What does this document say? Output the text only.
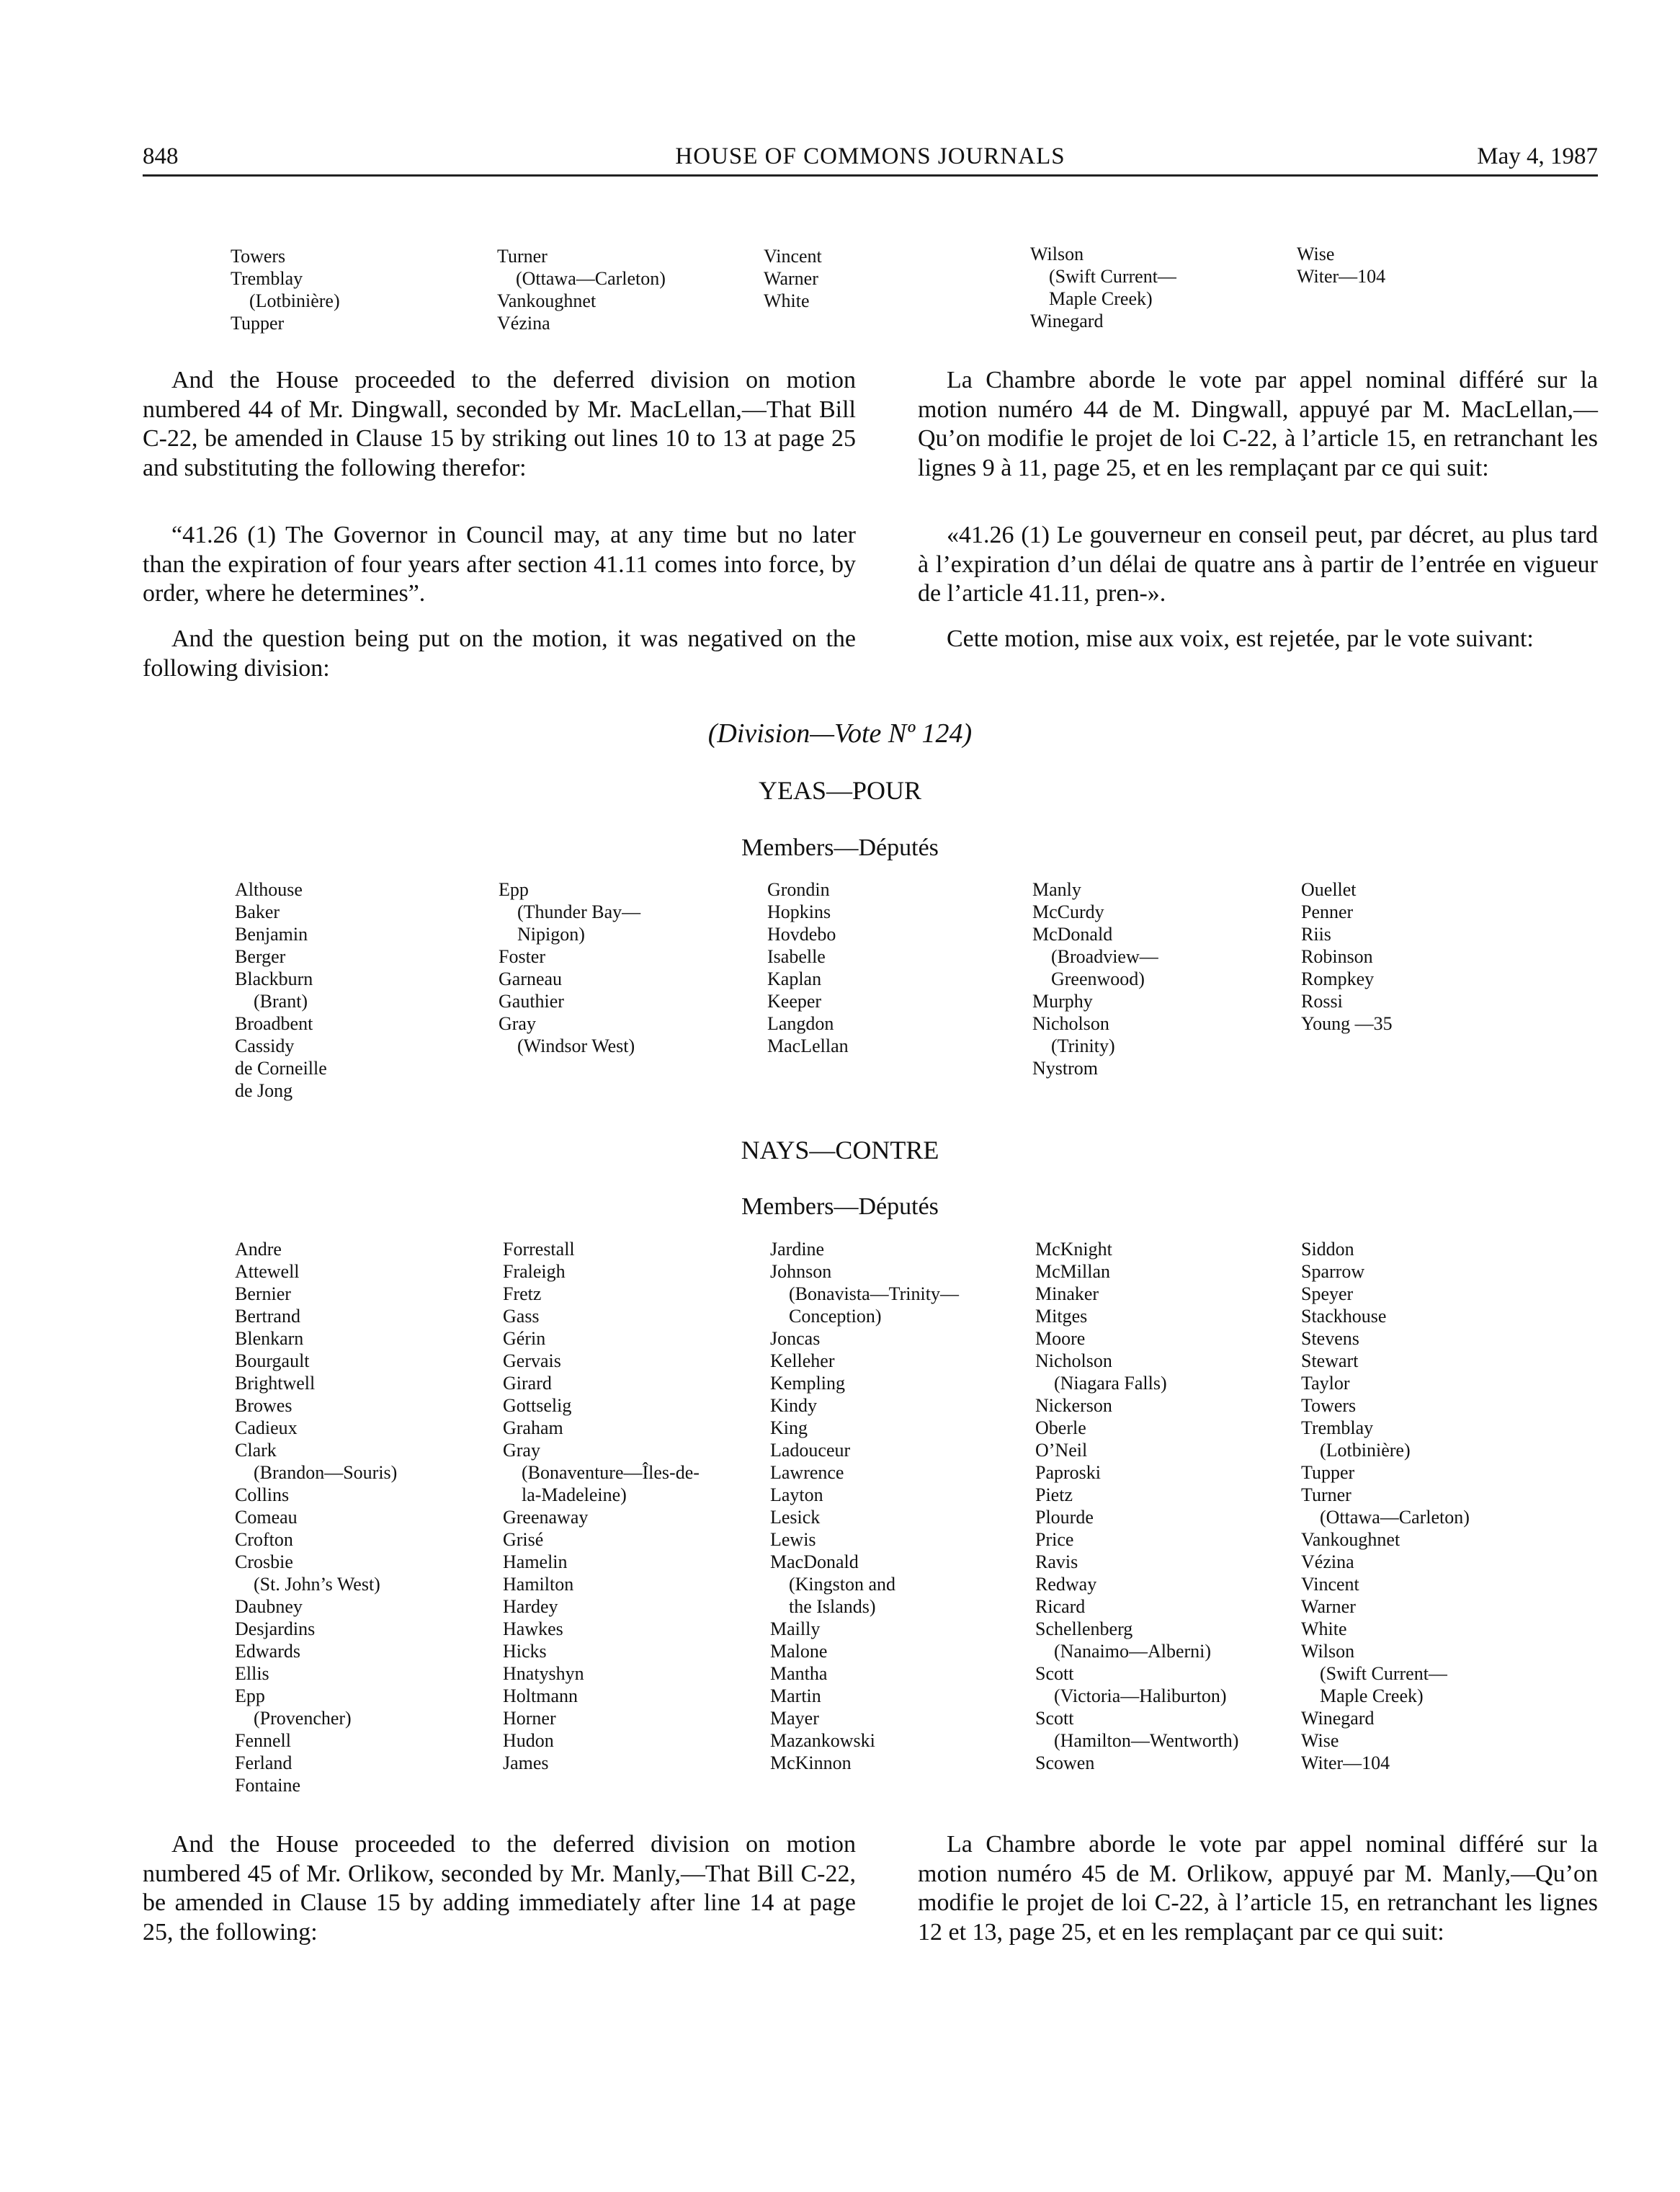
848	HOUSE OF COMMONS JOURNALS	May 4, 1987
Towers
Tremblay
(Lotbinière)
Tupper
Turner
(Ottawa—Carleton)
Vankoughnet
Vézina
Vincent
Warner
White
Wilson
(Swift Current—
Maple Creek)
Winegard
Wise
Witer—104

And the House proceeded to the deferred division on motion numbered 44 of Mr. Dingwall, seconded by Mr. MacLellan,—That Bill C-22, be amended in Clause 15 by striking out lines 10 to 13 at page 25 and substituting the following therefor:

“41.26 (1) The Governor in Council may, at any time but no later than the expiration of four years after section 41.11 comes into force, by order, where he determines”.

And the question being put on the motion, it was negatived on the following division:

La Chambre aborde le vote par appel nominal différé sur la motion numéro 44 de M. Dingwall, appuyé par M. MacLellan,—Qu’on modifie le projet de loi C-22, à l’article 15, en retranchant les lignes 9 à 11, page 25, et en les remplaçant par ce qui suit:

«41.26 (1) Le gouverneur en conseil peut, par décret, au plus tard à l’expiration d’un délai de quatre ans à partir de l’entrée en vigueur de l’article 41.11, pren-».

Cette motion, mise aux voix, est rejetée, par le vote suivant:

(Division—Vote Nº 124)
YEAS—POUR
Members—Députés
Althouse
Baker
Benjamin
Berger
Blackburn
(Brant)
Broadbent
Cassidy
de Corneille
de Jong
Epp
(Thunder Bay—
Nipigon)
Foster
Garneau
Gauthier
Gray
(Windsor West)
Grondin
Hopkins
Hovdebo
Isabelle
Kaplan
Keeper
Langdon
MacLellan
Manly
McCurdy
McDonald
(Broadview—
Greenwood)
Murphy
Nicholson
(Trinity)
Nystrom
Ouellet
Penner
Riis
Robinson
Rompkey
Rossi
Young —35
NAYS—CONTRE
Members—Députés
Andre
Attewell
Bernier
Bertrand
Blenkarn
Bourgault
Brightwell
Browes
Cadieux
Clark
(Brandon—Souris)
Collins
Comeau
Crofton
Crosbie
(St. John’s West)
Daubney
Desjardins
Edwards
Ellis
Epp
(Provencher)
Fennell
Ferland
Fontaine
Forrestall
Fraleigh
Fretz
Gass
Gérin
Gervais
Girard
Gottselig
Graham
Gray
(Bonaventure—Îles-de-
la-Madeleine)
Greenaway
Grisé
Hamelin
Hamilton
Hardey
Hawkes
Hicks
Hnatyshyn
Holtmann
Horner
Hudon
James
Jardine
Johnson
(Bonavista—Trinity—
Conception)
Joncas
Kelleher
Kempling
Kindy
King
Ladouceur
Lawrence
Layton
Lesick
Lewis
MacDonald
(Kingston and
the Islands)
Mailly
Malone
Mantha
Martin
Mayer
Mazankowski
McKinnon
McKnight
McMillan
Minaker
Mitges
Moore
Nicholson
(Niagara Falls)
Nickerson
Oberle
O’Neil
Paproski
Pietz
Plourde
Price
Ravis
Redway
Ricard
Schellenberg
(Nanaimo—Alberni)
Scott
(Victoria—Haliburton)
Scott
(Hamilton—Wentworth)
Scowen
Siddon
Sparrow
Speyer
Stackhouse
Stevens
Stewart
Taylor
Towers
Tremblay
(Lotbinière)
Tupper
Turner
(Ottawa—Carleton)
Vankoughnet
Vézina
Vincent
Warner
White
Wilson
(Swift Current—
Maple Creek)
Winegard
Wise
Witer—104

And the House proceeded to the deferred division on motion numbered 45 of Mr. Orlikow, seconded by Mr. Manly,—That Bill C-22, be amended in Clause 15 by adding immediately after line 14 at page 25, the following:

La Chambre aborde le vote par appel nominal différé sur la motion numéro 45 de M. Orlikow, appuyé par M. Manly,—Qu’on modifie le projet de loi C-22, à l’article 15, en retranchant les lignes 12 et 13, page 25, et en les remplaçant par ce qui suit:
